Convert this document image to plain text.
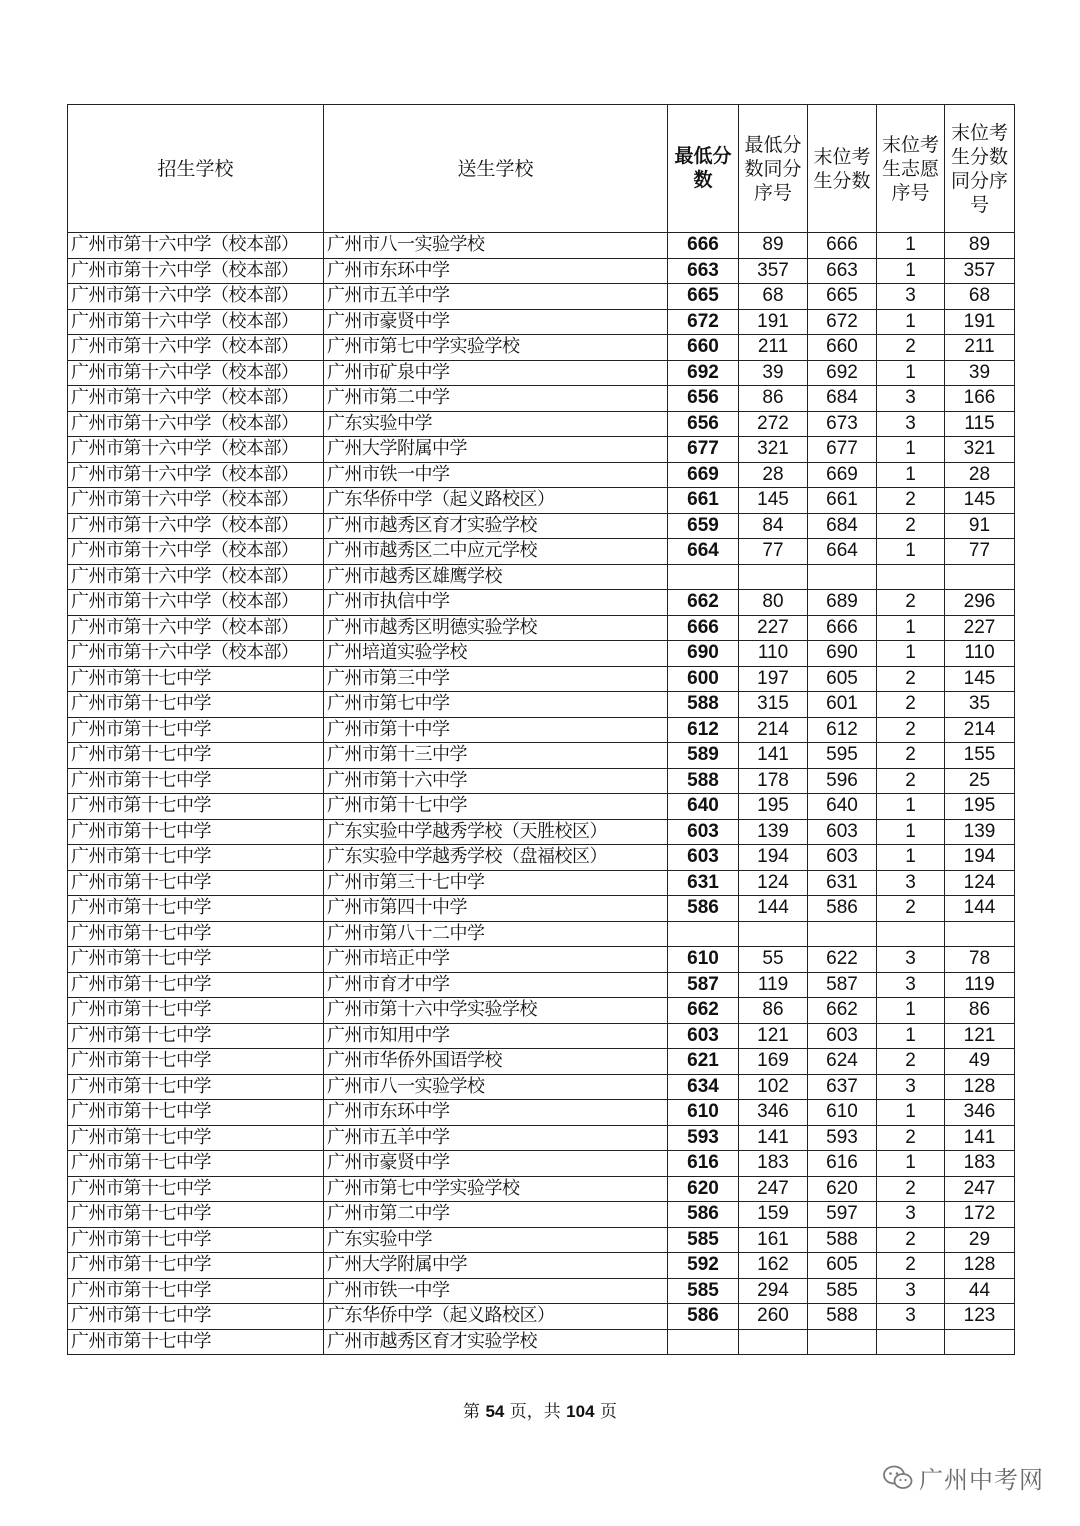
招生学校	送生学校	最低分数	最低分数同分序号	末位考生分数	末位考生志愿序号	末位考生分数同分序号
广州市第十六中学（校本部）	广州市八一实验学校	666	89	666	1	89
广州市第十六中学（校本部）	广州市东环中学	663	357	663	1	357
广州市第十六中学（校本部）	广州市五羊中学	665	68	665	3	68
广州市第十六中学（校本部）	广州市豪贤中学	672	191	672	1	191
广州市第十六中学（校本部）	广州市第七中学实验学校	660	211	660	2	211
广州市第十六中学（校本部）	广州市矿泉中学	692	39	692	1	39
广州市第十六中学（校本部）	广州市第二中学	656	86	684	3	166
广州市第十六中学（校本部）	广东实验中学	656	272	673	3	115
广州市第十六中学（校本部）	广州大学附属中学	677	321	677	1	321
广州市第十六中学（校本部）	广州市铁一中学	669	28	669	1	28
广州市第十六中学（校本部）	广东华侨中学（起义路校区）	661	145	661	2	145
广州市第十六中学（校本部）	广州市越秀区育才实验学校	659	84	684	2	91
广州市第十六中学（校本部）	广州市越秀区二中应元学校	664	77	664	1	77
广州市第十六中学（校本部）	广州市越秀区雄鹰学校					
广州市第十六中学（校本部）	广州市执信中学	662	80	689	2	296
广州市第十六中学（校本部）	广州市越秀区明德实验学校	666	227	666	1	227
广州市第十六中学（校本部）	广州培道实验学校	690	110	690	1	110
广州市第十七中学	广州市第三中学	600	197	605	2	145
广州市第十七中学	广州市第七中学	588	315	601	2	35
广州市第十七中学	广州市第十中学	612	214	612	2	214
广州市第十七中学	广州市第十三中学	589	141	595	2	155
广州市第十七中学	广州市第十六中学	588	178	596	2	25
广州市第十七中学	广州市第十七中学	640	195	640	1	195
广州市第十七中学	广东实验中学越秀学校（天胜校区）	603	139	603	1	139
广州市第十七中学	广东实验中学越秀学校（盘福校区）	603	194	603	1	194
广州市第十七中学	广州市第三十七中学	631	124	631	3	124
广州市第十七中学	广州市第四十中学	586	144	586	2	144
广州市第十七中学	广州市第八十二中学					
广州市第十七中学	广州市培正中学	610	55	622	3	78
广州市第十七中学	广州市育才中学	587	119	587	3	119
广州市第十七中学	广州市第十六中学实验学校	662	86	662	1	86
广州市第十七中学	广州市知用中学	603	121	603	1	121
广州市第十七中学	广州市华侨外国语学校	621	169	624	2	49
广州市第十七中学	广州市八一实验学校	634	102	637	3	128
广州市第十七中学	广州市东环中学	610	346	610	1	346
广州市第十七中学	广州市五羊中学	593	141	593	2	141
广州市第十七中学	广州市豪贤中学	616	183	616	1	183
广州市第十七中学	广州市第七中学实验学校	620	247	620	2	247
广州市第十七中学	广州市第二中学	586	159	597	3	172
广州市第十七中学	广东实验中学	585	161	588	2	29
广州市第十七中学	广州大学附属中学	592	162	605	2	128
广州市第十七中学	广州市铁一中学	585	294	585	3	44
广州市第十七中学	广东华侨中学（起义路校区）	586	260	588	3	123
广州市第十七中学	广州市越秀区育才实验学校					
第 54 页，共 104 页
广州中考网
